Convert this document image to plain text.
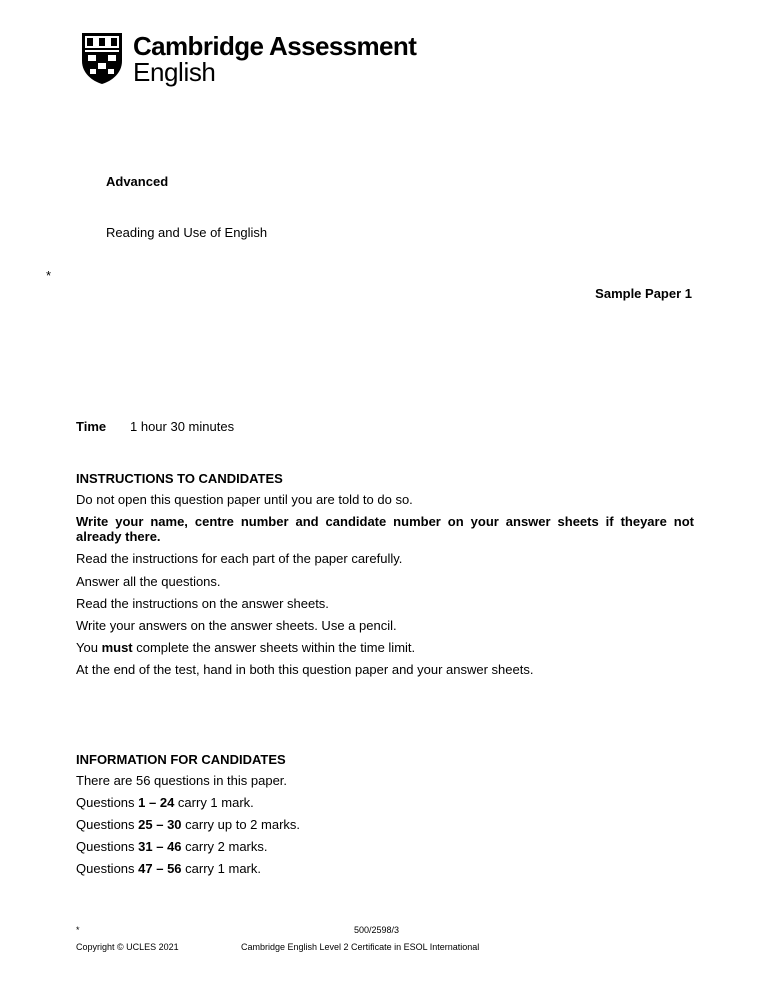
Cambridge Assessment
English
Advanced
Reading and Use of English
*
Sample Paper 1
Time 1 hour 30 minutes
INSTRUCTIONS TO CANDIDATES
Do not open this question paper until you are told to do so.
Write your name, centre number and candidate number on your answer sheets if theyare not already there.
Read the instructions for each part of the paper carefully.
Answer all the questions.
Read the instructions on the answer sheets.
Write your answers on the answer sheets. Use a pencil.
You must complete the answer sheets within the time limit.
At the end of the test, hand in both this question paper and your answer sheets.
INFORMATION FOR CANDIDATES
There are 56 questions in this paper.
Questions 1 – 24 carry 1 mark.
Questions 25 – 30 carry up to 2 marks.
Questions 31 – 46 carry 2 marks.
Questions 47 – 56 carry 1 mark.
*	500/2598/3
Copyright © UCLES 2021	Cambridge English Level 2 Certificate in ESOL International
